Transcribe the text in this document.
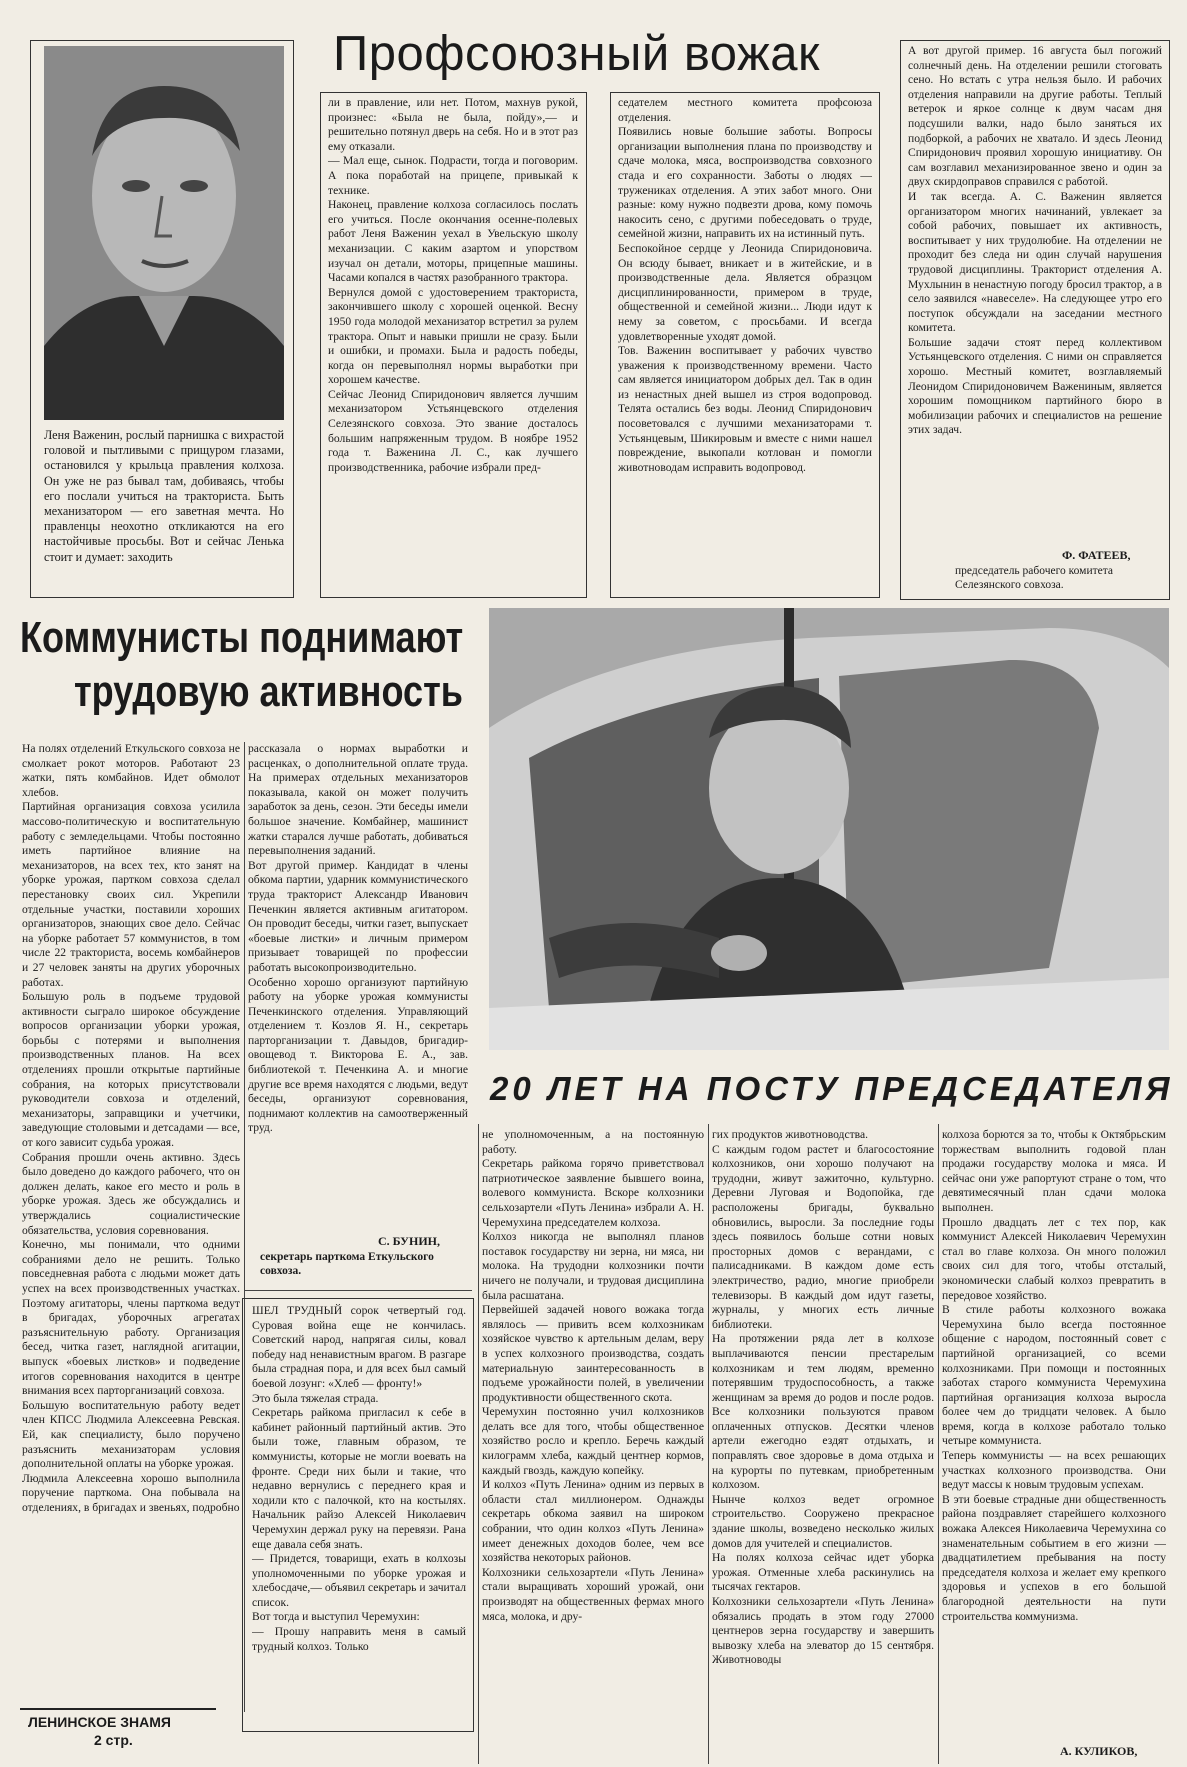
Леня Важенин, рослый парнишка с вихрастой головой и пытливыми с прищуром глазами, остановился у крыльца правления колхоза. Он уже не раз бывал там, добиваясь, чтобы его послали учиться на тракториста. Быть механизатором — его заветная мечта. Но правленцы неохотно откликаются на его настойчивые просьбы. Вот и сейчас Ленька стоит и думает: заходить
Профсоюзный вожак
ли в правление, или нет. Потом, махнув рукой, произнес: «Была не была, пойду»,— и решительно потянул дверь на себя. Но и в этот раз ему отказали.
— Мал еще, сынок. Подрасти, тогда и поговорим. А пока поработай на прицепе, привыкай к технике.
Наконец, правление колхоза согласилось послать его учиться. После окончания осенне-полевых работ Леня Важенин уехал в Увельскую школу механизации. С каким азартом и упорством изучал он детали, моторы, прицепные машины. Часами копался в частях разобранного трактора.
Вернулся домой с удостоверением тракториста, закончившего школу с хорошей оценкой. Весну 1950 года молодой механизатор встретил за рулем трактора. Опыт и навыки пришли не сразу. Были и ошибки, и промахи. Была и радость победы, когда он перевыполнял нормы выработки при хорошем качестве.
Сейчас Леонид Спиридонович является лучшим механизатором Устьянцевского отделения Селезянского совхоза. Это звание досталось большим напряженным трудом. В ноябре 1952 года т. Важенина Л. С., как лучшего производственника, рабочие избрали пред-
седателем местного комитета профсоюза отделения.
Появились новые большие заботы. Вопросы организации выполнения плана по производству и сдаче молока, мяса, воспроизводства совхозного стада и его сохранности. Заботы о людях — тружениках отделения. А этих забот много. Они разные: кому нужно подвезти дрова, кому помочь накосить сено, с другими побеседовать о труде, семейной жизни, направить их на истинный путь.
Беспокойное сердце у Леонида Спиридоновича. Он всюду бывает, вникает и в житейские, и в производственные дела. Является образцом дисциплинированности, примером в труде, общественной и семейной жизни... Люди идут к нему за советом, с просьбами. И всегда удовлетворенные уходят домой.
Тов. Важенин воспитывает у рабочих чувство уважения к производственному времени. Часто сам является инициатором добрых дел. Так в один из ненастных дней вышел из строя водопровод. Телята остались без воды. Леонид Спиридонович посоветовался с лучшими механизаторами т. Устьянцевым, Шикировым и вместе с ними нашел повреждение, выкопали котлован и помогли животноводам исправить водопровод.
А вот другой пример. 16 августа был погожий солнечный день. На отделении решили стоговать сено. Но встать с утра нельзя было. И рабочих отделения направили на другие работы. Теплый ветерок и яркое солнце к двум часам дня подсушили валки, надо было заняться их подборкой, а рабочих не хватало. И здесь Леонид Спиридонович проявил хорошую инициативу. Он сам возглавил механизированное звено и один за двух скирдоправов справился с работой.
И так всегда. А. С. Важенин является организатором многих начинаний, увлекает за собой рабочих, повышает их активность, воспитывает у них трудолюбие. На отделении не проходит без следа ни один случай нарушения трудовой дисциплины. Тракторист отделения А. Мухлынин в ненастную погоду бросил трактор, а в село заявился «навеселе». На следующее утро его поступок обсуждали на заседании местного комитета.
Большие задачи стоят перед коллективом Устьянцевского отделения. С ними он справляется хорошо. Местный комитет, возглавляемый Леонидом Спиридоновичем Важениным, является хорошим помощником партийного бюро в мобилизации рабочих и специалистов на решение этих задач.
Ф. ФАТЕЕВ,
председатель рабочего комитета Селезянского совхоза.
Коммунисты поднимают
трудовую активность
На полях отделений Еткульского совхоза не смолкает рокот моторов. Работают 23 жатки, пять комбайнов. Идет обмолот хлебов.
Партийная организация совхоза усилила массово-политическую и воспитательную работу с земледельцами. Чтобы постоянно иметь партийное влияние на механизаторов, на всех тех, кто занят на уборке урожая, партком совхоза сделал перестановку своих сил. Укрепили отдельные участки, поставили хороших организаторов, знающих свое дело. Сейчас на уборке работает 57 коммунистов, в том числе 22 тракториста, восемь комбайнеров и 27 человек заняты на других уборочных работах.
Большую роль в подъеме трудовой активности сыграло широкое обсуждение вопросов организации уборки урожая, борьбы с потерями и выполнения производственных планов. На всех отделениях прошли открытые партийные собрания, на которых присутствовали руководители совхоза и отделений, механизаторы, заправщики и учетчики, заведующие столовыми и детсадами — все, от кого зависит судьба урожая.
Собрания прошли очень активно. Здесь было доведено до каждого рабочего, что он должен делать, какое его место и роль в уборке урожая. Здесь же обсуждались и утверждались социалистические обязательства, условия соревнования.
Конечно, мы понимали, что одними собраниями дело не решить. Только повседневная работа с людьми может дать успех на всех производственных участках. Поэтому агитаторы, члены парткома ведут в бригадах, уборочных агрегатах разъяснительную работу. Организация бесед, читка газет, наглядной агитации, выпуск «боевых листков» и подведение итогов соревнования находится в центре внимания всех парторганизаций совхоза.
Большую воспитательную работу ведет член КПСС Людмила Алексеевна Ревская. Ей, как специалисту, было поручено разъяснить механизаторам условия дополнительной оплаты на уборке урожая.
Людмила Алексеевна хорошо выполнила поручение парткома. Она побывала на отделениях, в бригадах и звеньях, подробно
рассказала о нормах выработки и расценках, о дополнительной оплате труда. На примерах отдельных механизаторов показывала, какой он может получить заработок за день, сезон. Эти беседы имели большое значение. Комбайнер, машинист жатки старался лучше работать, добиваться перевыполнения заданий.
Вот другой пример. Кандидат в члены обкома партии, ударник коммунистического труда тракторист Александр Иванович Печенкин является активным агитатором. Он проводит беседы, читки газет, выпускает «боевые листки» и личным примером призывает товарищей по профессии работать высокопроизводительно.
Особенно хорошо организуют партийную работу на уборке урожая коммунисты Печенкинского отделения. Управляющий отделением т. Козлов Я. Н., секретарь парторганизации т. Давыдов, бригадир-овощевод т. Викторова Е. А., зав. библиотекой т. Печенкина А. и многие другие все время находятся с людьми, ведут беседы, организуют соревнования, поднимают коллектив на самоотверженный труд.
С. БУНИН,
секретарь парткома Еткульского совхоза.
20 ЛЕТ НА ПОСТУ ПРЕДСЕДАТЕЛЯ
ШЕЛ ТРУДНЫЙ сорок четвертый год. Суровая война еще не кончилась. Советский народ, напрягая силы, ковал победу над ненавистным врагом. В разгаре была страдная пора, и для всех был самый боевой лозунг: «Хлеб — фронту!»
Это была тяжелая страда.
Секретарь райкома пригласил к себе в кабинет районный партийный актив. Это были тоже, главным образом, те коммунисты, которые не могли воевать на фронте. Среди них были и такие, что недавно вернулись с переднего края и ходили кто с палочкой, кто на костылях. Начальник райзо Алексей Николаевич Черемухин держал руку на перевязи. Рана еще давала себя знать.
— Придется, товарищи, ехать в колхозы уполномоченными по уборке урожая и хлебосдаче,— объявил секретарь и зачитал список.
Вот тогда и выступил Черемухин:
— Прошу направить меня в самый трудный колхоз. Только
не уполномоченным, а на постоянную работу.
Секретарь райкома горячо приветствовал патриотическое заявление бывшего воина, волевого коммуниста. Вскоре колхозники сельхозартели «Путь Ленина» избрали А. Н. Черемухина председателем колхоза.
Колхоз никогда не выполнял планов поставок государству ни зерна, ни мяса, ни молока. На трудодни колхозники почти ничего не получали, и трудовая дисциплина была расшатана.
Первейшей задачей нового вожака тогда являлось — привить всем колхозникам хозяйское чувство к артельным делам, веру в успех колхозного производства, создать материальную заинтересованность в подъеме урожайности полей, в увеличении продуктивности общественного скота.
Черемухин постоянно учил колхозников делать все для того, чтобы общественное хозяйство росло и крепло. Беречь каждый килограмм хлеба, каждый центнер кормов, каждый гвоздь, каждую копейку.
И колхоз «Путь Ленина» одним из первых в области стал миллионером. Однажды секретарь обкома заявил на широком собрании, что один колхоз «Путь Ленина» имеет денежных доходов более, чем все хозяйства некоторых районов.
Колхозники сельхозартели «Путь Ленина» стали выращивать хороший урожай, они производят на общественных фермах много мяса, молока, и дру-
гих продуктов животноводства.
С каждым годом растет и благосостояние колхозников, они хорошо получают на трудодни, живут зажиточно, культурно. Деревни Луговая и Водопойка, где расположены бригады, буквально обновились, выросли. За последние годы здесь появилось больше сотни новых просторных домов с верандами, с палисадниками. В каждом доме есть электричество, радио, многие приобрели телевизоры. В каждый дом идут газеты, журналы, у многих есть личные библиотеки.
На протяжении ряда лет в колхозе выплачиваются пенсии престарелым колхозникам и тем людям, временно потерявшим трудоспособность, а также женщинам за время до родов и после родов. Все колхозники пользуются правом оплаченных отпусков. Десятки членов артели ежегодно ездят отдыхать, и поправлять свое здоровье в дома отдыха и на курорты по путевкам, приобретенным колхозом.
Нынче колхоз ведет огромное строительство. Сооружено прекрасное здание школы, возведено несколько жилых домов для учителей и специалистов.
На полях колхоза сейчас идет уборка урожая. Отменные хлеба раскинулись на тысячах гектаров.
Колхозники сельхозартели «Путь Ленина» обязались продать в этом году 27000 центнеров зерна государству и завершить вывозку хлеба на элеватор до 15 сентября. Животноводы
колхоза борются за то, чтобы к Октябрьским торжествам выполнить годовой план продажи государству молока и мяса. И сейчас они уже рапортуют стране о том, что девятимесячный план сдачи молока выполнен.
Прошло двадцать лет с тех пор, как коммунист Алексей Николаевич Черемухин стал во главе колхоза. Он много положил своих сил для того, чтобы отсталый, экономически слабый колхоз превратить в передовое хозяйство.
В стиле работы колхозного вожака Черемухина было всегда постоянное общение с народом, постоянный совет с партийной организацией, со всеми колхозниками. При помощи и постоянных заботах старого коммуниста Черемухина партийная организация колхоза выросла более чем до тридцати человек. А было время, когда в колхозе работало только четыре коммуниста.
Теперь коммунисты — на всех решающих участках колхозного производства. Они ведут массы к новым трудовым успехам.
В эти боевые страдные дни общественность района поздравляет старейшего колхозного вожака Алексея Николаевича Черемухина со знаменательным событием в его жизни — двадцатилетием пребывания на посту председателя колхоза и желает ему крепкого здоровья и успехов в его большой благородной деятельности на пути строительства коммунизма.
А. КУЛИКОВ,
ЛЕНИНСКОЕ ЗНАМЯ
2 стр.
